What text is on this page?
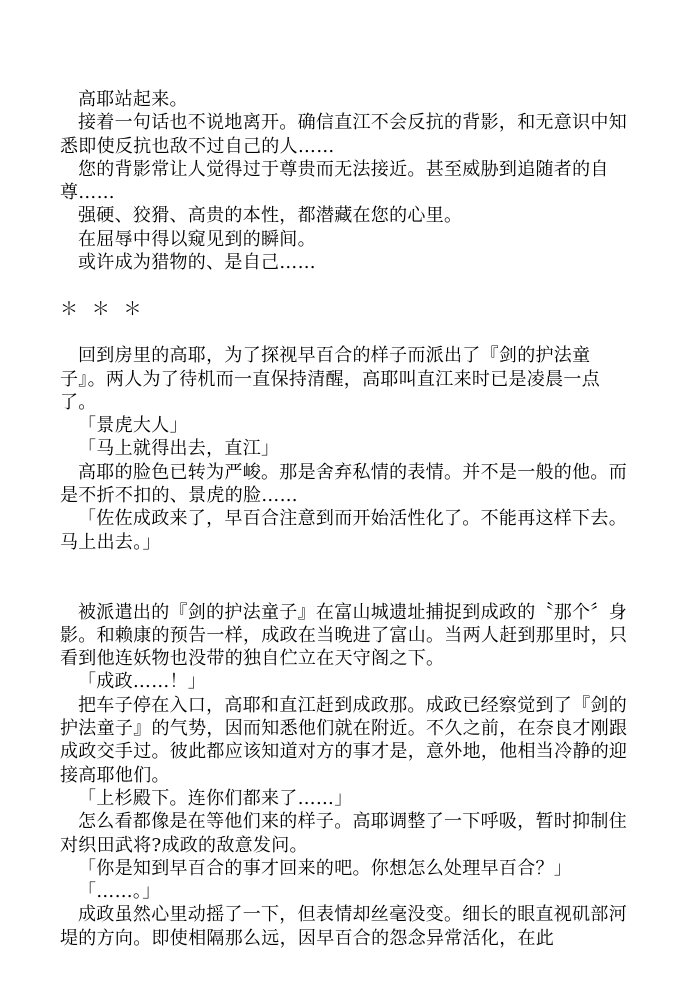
高耶站起来。

接着一句话也不说地离开。确信直江不会反抗的背影，和无意识中知悉即使反抗也敌不过自己的人……

您的背影常让人觉得过于尊贵而无法接近。甚至威胁到追随者的自尊……

强硬、狡猾、高贵的本性，都潜藏在您的心里。

在屈辱中得以窥见到的瞬间。

或许成为猎物的、是自己……

＊ ＊ ＊

回到房里的高耶，为了探视早百合的样子而派出了『剑的护法童子』。两人为了待机而一直保持清醒，高耶叫直江来时已是凌晨一点了。

「景虎大人」

「马上就得出去，直江」

高耶的脸色已转为严峻。那是舍弃私情的表情。并不是一般的他。而是不折不扣的、景虎的脸……

「佐佐成政来了，早百合注意到而开始活性化了。不能再这样下去。马上出去。」

被派遣出的『剑的护法童子』在富山城遗址捕捉到成政的〝那个〞身影。和赖康的预告一样，成政在当晚进了富山。当两人赶到那里时，只看到他连妖物也没带的独自伫立在天守阁之下。

「成政……！」

把车子停在入口，高耶和直江赶到成政那。成政已经察觉到了『剑的护法童子』的气势，因而知悉他们就在附近。不久之前，在奈良才刚跟成政交手过。彼此都应该知道对方的事才是，意外地，他相当冷静的迎接高耶他们。

「上杉殿下。连你们都来了……」

怎么看都像是在等他们来的样子。高耶调整了一下呼吸，暂时抑制住对织田武将?成政的敌意发问。

「你是知到早百合的事才回来的吧。你想怎么处理早百合？」

「……。」

成政虽然心里动摇了一下，但表情却丝毫没变。细长的眼直视矶部河堤的方向。即使相隔那么远，因早百合的怨念异常活化，在此
